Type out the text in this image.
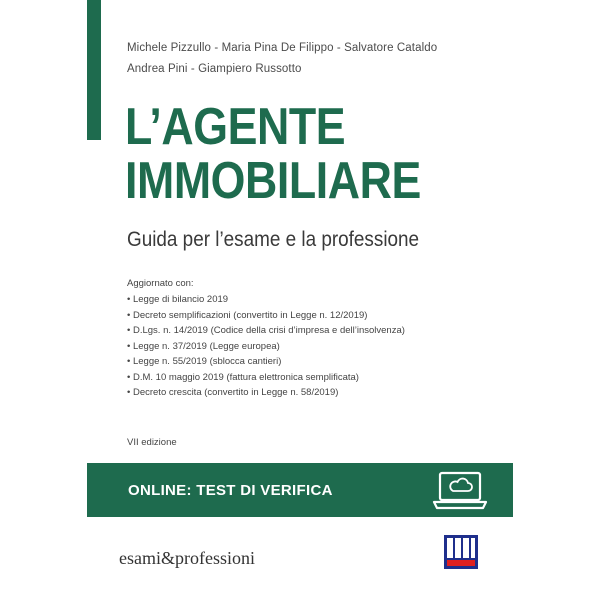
Michele Pizzullo - Maria Pina De Filippo - Salvatore Cataldo
Andrea Pini - Giampiero Russotto
L’AGENTE
IMMOBILIARE
Guida per l’esame e la professione
Aggiornato con:
• Legge di bilancio 2019
• Decreto semplificazioni (convertito in Legge n. 12/2019)
• D.Lgs. n. 14/2019 (Codice della crisi d’impresa e dell’insolvenza)
• Legge n. 37/2019 (Legge europea)
• Legge n. 55/2019 (sblocca cantieri)
• D.M. 10 maggio 2019 (fattura elettronica semplificata)
• Decreto crescita (convertito in Legge n. 58/2019)
VII edizione
ONLINE: TEST DI VERIFICA
esami&professioni
